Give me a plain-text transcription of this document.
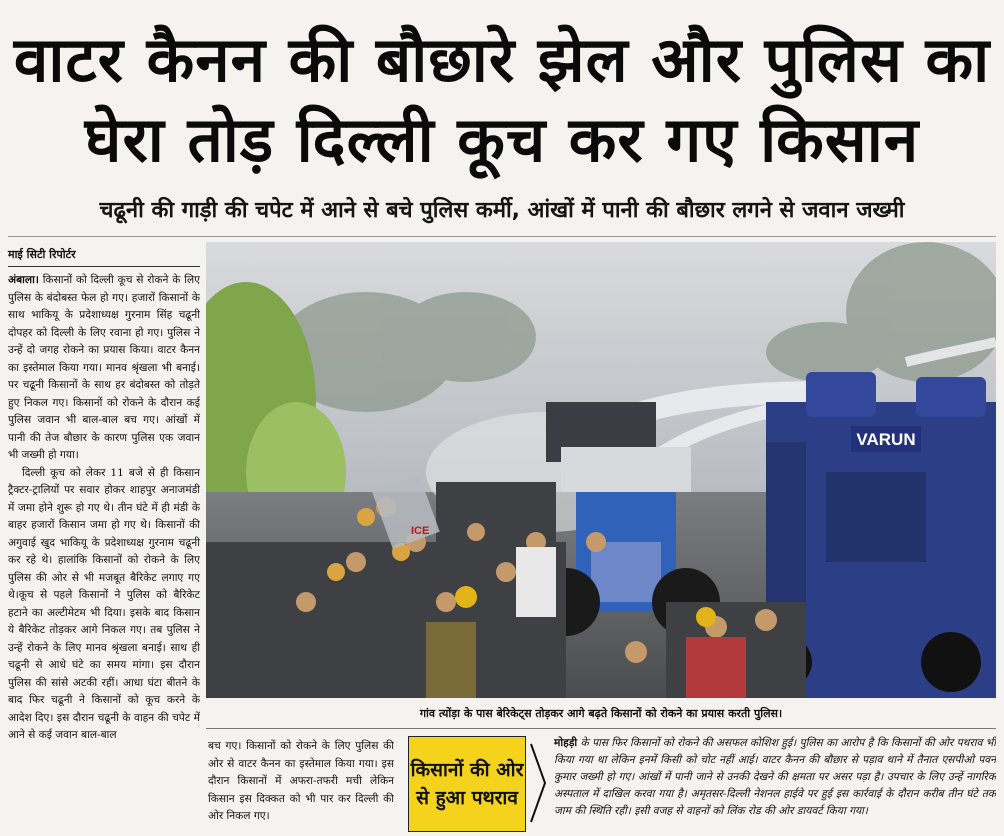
वाटर कैनन की बौछारे झेल और पुलिस का घेरा तोड़ दिल्ली कूच कर गए किसान
चढूनी की गाड़ी की चपेट में आने से बचे पुलिस कर्मी, आंखों में पानी की बौछार लगने से जवान जख्मी
माई सिटी रिपोर्टर

अंबाला। किसानों को दिल्ली कूच से रोकने के लिए पुलिस के बंदोबस्त फेल हो गए। हजारों किसानों के साथ भाकियू के प्रदेशाध्यक्ष गुरनाम सिंह चढूनी दोपहर को दिल्ली के लिए रवाना हो गए। पुलिस ने उन्हें दो जगह रोकने का प्रयास किया। वाटर कैनन का इस्तेमाल किया गया। मानव श्रृंखला भी बनाई। पर चढूनी किसानों के साथ हर बंदोबस्त को तोड़ते हुए निकल गए। किसानों को रोकने के दौरान कई पुलिस जवान भी बाल-बाल बच गए। आंखों में पानी की तेज बौछार के कारण पुलिस एक जवान भी जख्मी हो गया।

दिल्ली कूच को लेकर 11 बजे से ही किसान ट्रैक्टर-ट्रालियों पर सवार होकर शाहपुर अनाजमंडी में जमा होने शुरू हो गए थे। तीन घंटे में ही मंडी के बाहर हजारों किसान जमा हो गए थे। किसानों की अगुवाई खुद भाकियू के प्रदेशाध्यक्ष गुरनाम चढूनी कर रहे थे। हालांकि किसानों को रोकने के लिए पुलिस की ओर से भी मजबूत बैरिकेट लगाए गए थे।कूच से पहले किसानों ने पुलिस को बैरिकेट हटाने का अल्टीमेटम भी दिया। इसके बाद किसान ये बैरिकेट तोड़कर आगे निकल गए। तब पुलिस ने उन्हें रोकने के लिए मानव श्रृंखला बनाई। साथ ही चढूनी से आधे घंटे का समय मांगा। इस दौरान पुलिस की सांसे अटकी रहीं। आधा घंटा बीतने के बाद फिर चढूनी ने किसानों को कूच करने के आदेश दिए। इस दौरान चढूनी के वाहन की चपेट में आने से कई जवान बाल-बाल

VARUN
ICE
गांव त्योंड़ा के पास बेरिकेट्स तोड़कर आगे बढ़ते किसानों को रोकने का प्रयास करती पुलिस।
बच गए। किसानों को रोकने के लिए पुलिस की ओर से वाटर कैनन का इस्तेमाल किया गया। इस दौरान किसानों में अफरा-तफरी मची लेकिन किसान इस दिक्कत को भी पार कर दिल्ली की ओर निकल गए।
किसानों की ओर से हुआ पथराव
मोहड़ी के पास फिर किसानों को रोकने की असफल कोशिश हुई। पुलिस का आरोप है कि किसानों की ओर पथराव भी किया गया था लेकिन इनमें किसी को चोट नहीं आई। वाटर कैनन की बौछार से पड़ाव थाने में तैनात एसपीओ पवन कुमार जख्मी हो गए। आंखों में पानी जाने से उनकी देखने की क्षमता पर असर पड़ा है। उपचार के लिए उन्हें नागरिक अस्पताल में दाखिल करवा गया है। अमृतसर-दिल्ली नेशनल हाईवे पर हुई इस कार्रवाई के दौरान करीब तीन घंटे तक जाम की स्थिति रही। इसी वजह से वाहनों को लिंक रोड की ओर डायवर्ट किया गया।
